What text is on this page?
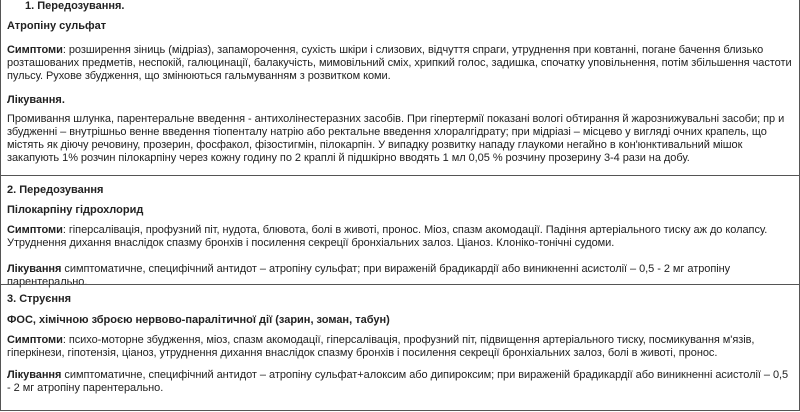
1. Передозування.
Атропіну сульфат
Симптоми: розширення зіниць (мідріаз), запаморочення, сухість шкіри і слизових, відчуття спраги, утруднення при ковтанні, погане бачення близько розташованих предметів, неспокій, галюцинації, балакучість, мимовільний сміх, хрипкий голос, задишка, спочатку уповільнення, потім збільшення частоти пульсу. Рухове збудження, що змінюються гальмуванням з розвитком коми.
Лікування.
Промивання шлунка, парентеральне введення - антихолінестеразних засобів. При гіпертермії показані вологі обтирання й жарознижувальні засоби; пр и збудженні – внутрішньо венне введення тіопенталу натрію або ректальне введення хлоралгідрату; при мідріазі – місцево у вигляді очних крапель, що містять як діючу речовину, прозерин, фосфакол, фізостигмін, пілокарпін. У випадку розвитку нападу глаукоми негайно в кон'юнктивальний мішок закапують 1% розчин пілокарпіну через кожну годину по 2 краплі й підшкірно вводять 1 мл 0,05 % розчину прозерину 3-4 рази на добу.
2. Передозування
Пілокарпіну гідрохлорид
Симптоми: гіперсалівація, профузний піт, нудота, блювота, болі в животі, пронос. Міоз, спазм акомодації. Падіння артеріального тиску аж до колапсу. Утруднення дихання внаслідок спазму бронхів і посилення секреції бронхіальних залоз. Ціаноз. Клоніко-тонічні судоми.
Лікування симптоматичне, специфічний антидот – атропіну сульфат; при вираженій брадикардії або виникненні асистолії – 0,5 - 2 мг атропіну парентерально.
3. Струєння
ФОС, хімічною зброєю нервово-паралітичної дії (зарин, зоман, табун)
Симптоми: психо-моторне збудження, міоз, спазм акомодації, гіперсалівація, профузний піт, підвищення артеріального тиску, посмикування м'язів, гіперкінези, гіпотензія, ціаноз, утруднення дихання внаслідок спазму бронхів і посилення секреції бронхіальних залоз, болі в животі, пронос.
Лікування симптоматичне, специфічний антидот – атропіну сульфат+алоксим або дипироксим; при вираженій брадикардії або виникненні асистолії – 0,5 - 2 мг атропіну парентерально.
